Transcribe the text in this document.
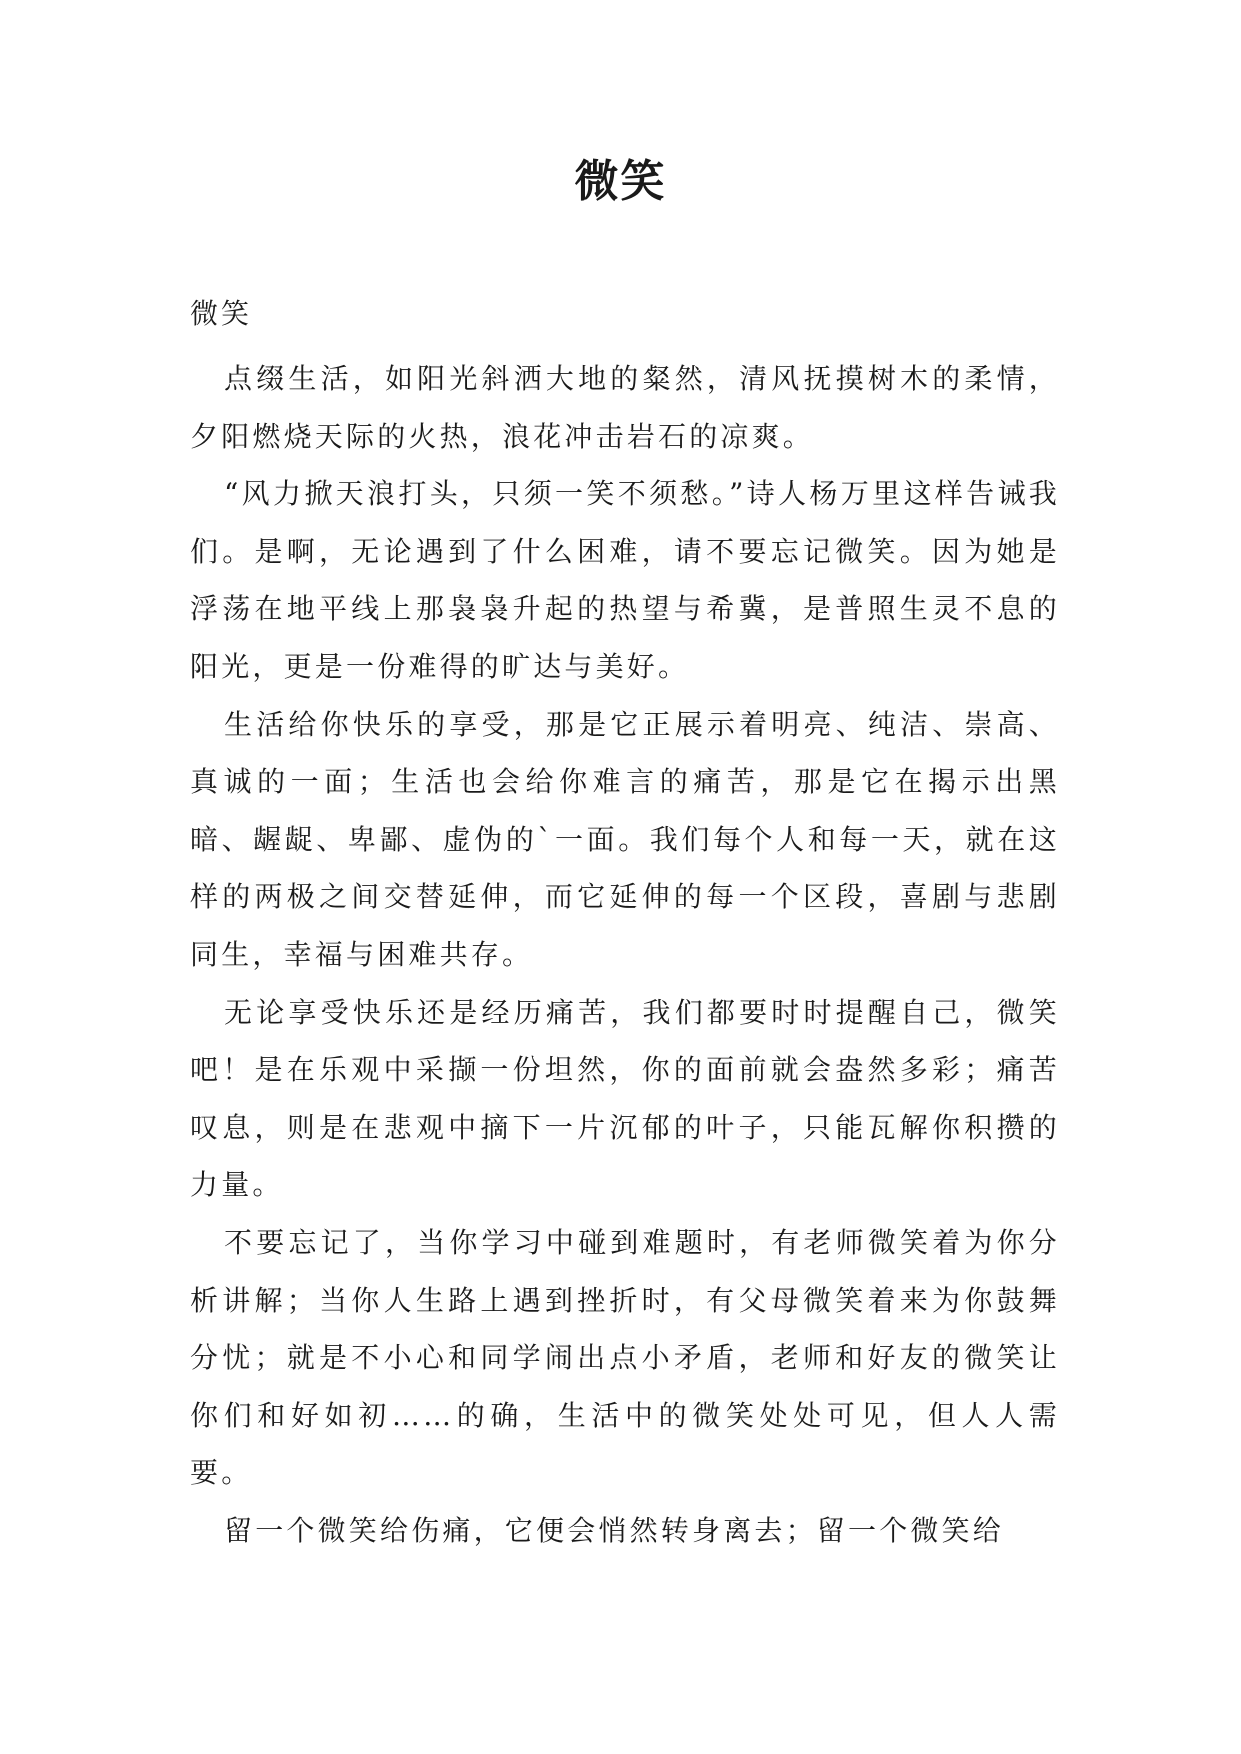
微笑

微笑

点缀生活，如阳光斜洒大地的粲然，清风抚摸树木的柔情，夕阳燃烧天际的火热，浪花冲击岩石的凉爽。

“风力掀天浪打头，只须一笑不须愁。”诗人杨万里这样告诫我们。是啊，无论遇到了什么困难，请不要忘记微笑。因为她是浮荡在地平线上那袅袅升起的热望与希冀，是普照生灵不息的阳光，更是一份难得的旷达与美好。

生活给你快乐的享受，那是它正展示着明亮、纯洁、崇高、真诚的一面；生活也会给你难言的痛苦，那是它在揭示出黑暗、龌龊、卑鄙、虚伪的`一面。我们每个人和每一天，就在这样的两极之间交替延伸，而它延伸的每一个区段，喜剧与悲剧同生，幸福与困难共存。

无论享受快乐还是经历痛苦，我们都要时时提醒自己，微笑吧！是在乐观中采撷一份坦然，你的面前就会盎然多彩；痛苦叹息，则是在悲观中摘下一片沉郁的叶子，只能瓦解你积攒的力量。

不要忘记了，当你学习中碰到难题时，有老师微笑着为你分析讲解；当你人生路上遇到挫折时，有父母微笑着来为你鼓舞分忧；就是不小心和同学闹出点小矛盾，老师和好友的微笑让你们和好如初……的确，生活中的微笑处处可见，但人人需要。

留一个微笑给伤痛，它便会悄然转身离去；留一个微笑给
